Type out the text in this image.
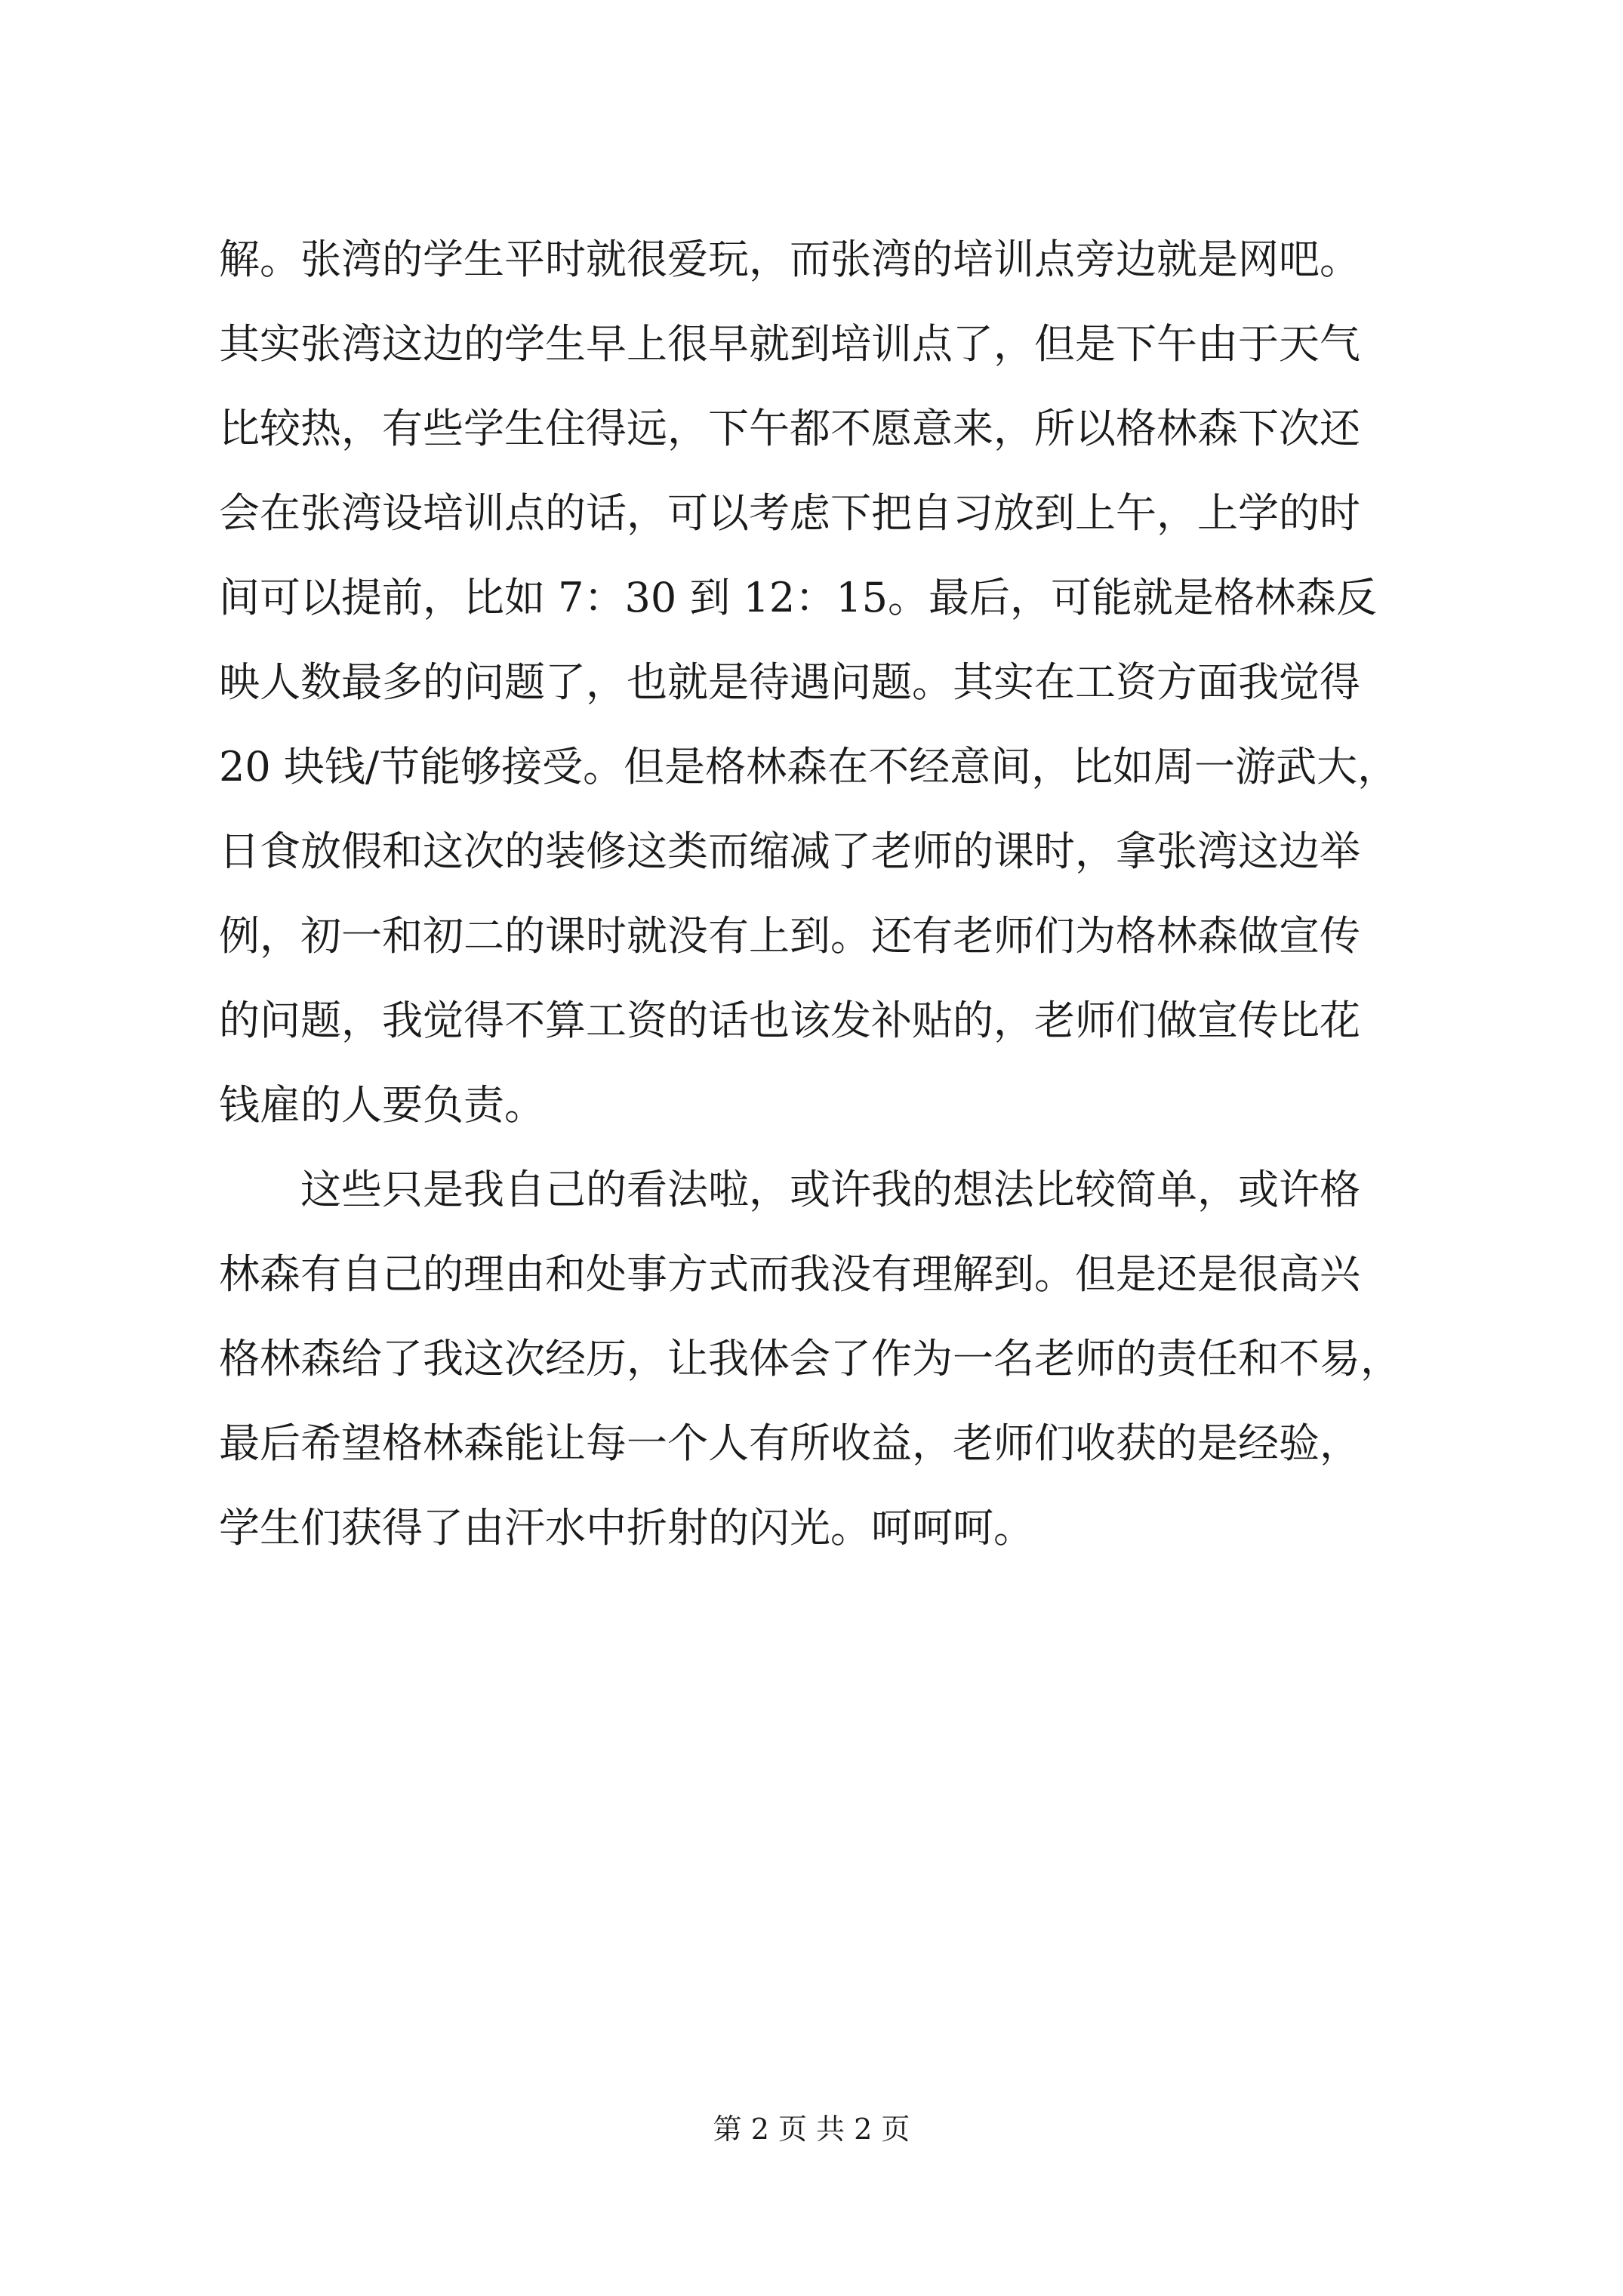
解。张湾的学生平时就很爱玩，而张湾的培训点旁边就是网吧。
其实张湾这边的学生早上很早就到培训点了，但是下午由于天气
比较热，有些学生住得远，下午都不愿意来，所以格林森下次还
会在张湾设培训点的话，可以考虑下把自习放到上午，上学的时
间可以提前，比如 7：30 到 12：15。最后，可能就是格林森反
映人数最多的问题了，也就是待遇问题。其实在工资方面我觉得
20 块钱/节能够接受。但是格林森在不经意间，比如周一游武大，
日食放假和这次的装修这类而缩减了老师的课时，拿张湾这边举
例，初一和初二的课时就没有上到。还有老师们为格林森做宣传
的问题，我觉得不算工资的话也该发补贴的，老师们做宣传比花
钱雇的人要负责。
这些只是我自己的看法啦，或许我的想法比较简单，或许格
林森有自己的理由和处事方式而我没有理解到。但是还是很高兴
格林森给了我这次经历，让我体会了作为一名老师的责任和不易，
最后希望格林森能让每一个人有所收益，老师们收获的是经验，
学生们获得了由汗水中折射的闪光。呵呵呵。
第 2 页 共 2 页
